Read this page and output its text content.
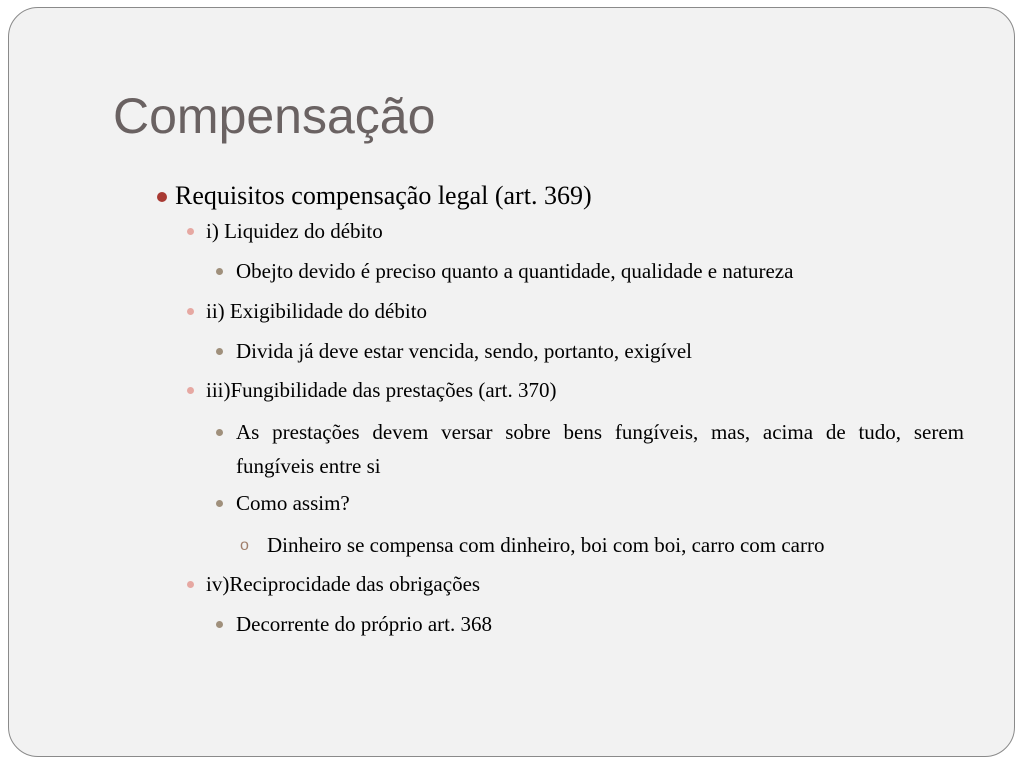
Compensação
Requisitos compensação legal (art. 369)
i) Liquidez do débito
Obejto devido é preciso quanto a quantidade, qualidade e natureza
ii) Exigibilidade do débito
Divida já deve estar vencida, sendo, portanto, exigível
iii)Fungibilidade das prestações (art. 370)
As prestações devem versar sobre bens fungíveis, mas, acima de tudo, serem fungíveis entre si
Como assim?
o Dinheiro se compensa com dinheiro, boi com boi, carro com carro
iv)Reciprocidade das obrigações
Decorrente do próprio art. 368
